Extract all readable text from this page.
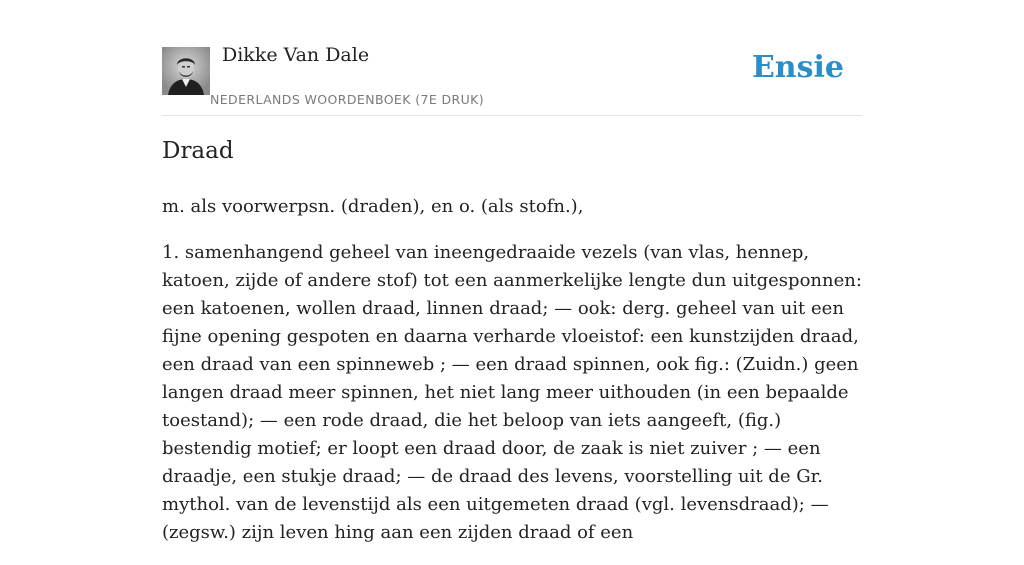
Dikke Van Dale
NEDERLANDS WOORDENBOEK (7E DRUK)
Ensie
Draad

m. als voorwerpsn. (draden), en o. (als stofn.),

1. samenhangend geheel van ineengedraaide vezels (van vlas, hennep, katoen, zijde of andere stof) tot een aanmerkelijke lengte dun uitgesponnen: een katoenen, wollen draad, linnen draad; — ook: derg. geheel van uit een fijne opening gespoten en daarna verharde vloeistof: een kunstzijden draad, een draad van een spinneweb ; — een draad spinnen, ook fig.: (Zuidn.) geen langen draad meer spinnen, het niet lang meer uithouden (in een bepaalde toestand); — een rode draad, die het beloop van iets aangeeft, (fig.) bestendig motief; er loopt een draad door, de zaak is niet zuiver ; — een draadje, een stukje draad; — de draad des levens, voorstelling uit de Gr. mythol. van de levenstijd als een uitgemeten draad (vgl. levensdraad); — (zegsw.) zijn leven hing aan een zijden draad of een
